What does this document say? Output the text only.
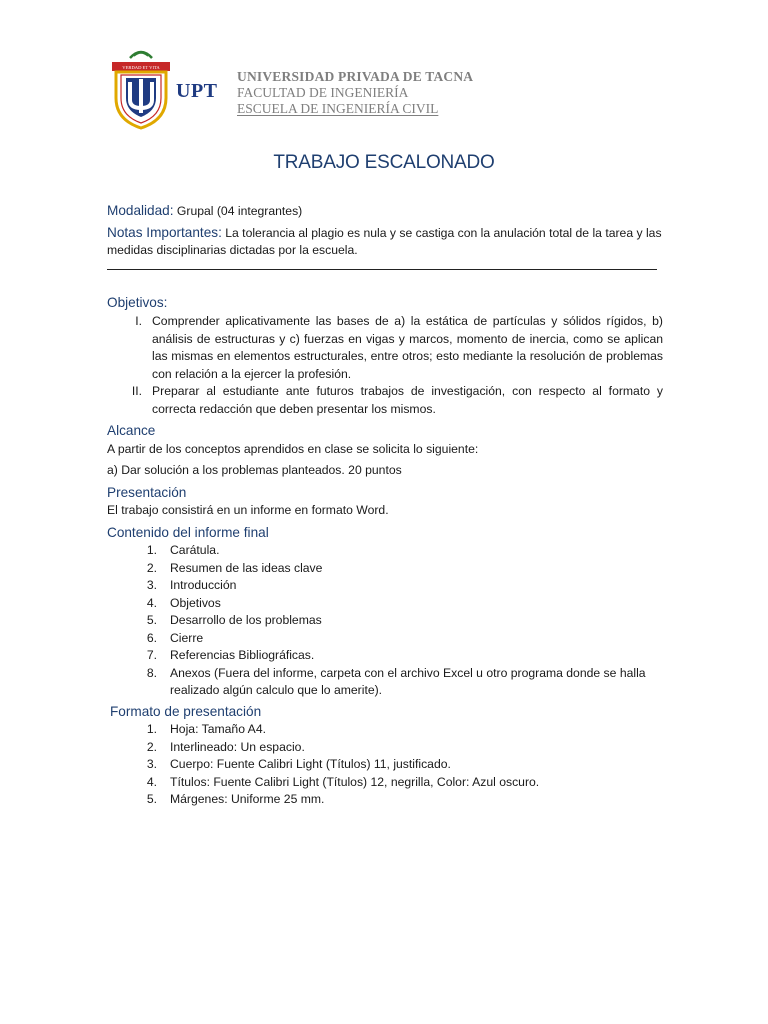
VERDAD ET VITA
UPT
UNIVERSIDAD PRIVADA DE TACNA
FACULTAD DE INGENIERÍA
ESCUELA DE INGENIERÍA CIVIL
TRABAJO ESCALONADO

Modalidad: Grupal (04 integrantes)

Notas Importantes: La tolerancia al plagio es nula y se castiga con la anulación total de la tarea y las medidas disciplinarias dictadas por la escuela.

Objetivos:
I. Comprender aplicativamente las bases de a) la estática de partículas y sólidos rígidos, b) análisis de estructuras y c) fuerzas en vigas y marcos, momento de inercia, como se aplican las mismas en elementos estructurales, entre otros; esto mediante la resolución de problemas con relación a la ejercer la profesión.
II. Preparar al estudiante ante futuros trabajos de investigación, con respecto al formato y correcta redacción que deben presentar los mismos.
Alcance

A partir de los conceptos aprendidos en clase se solicita lo siguiente:

a) Dar solución a los problemas planteados. 20 puntos

Presentación

El trabajo consistirá en un informe en formato Word.

Contenido del informe final
1. Carátula.
2. Resumen de las ideas clave
3. Introducción
4. Objetivos
5. Desarrollo de los problemas
6. Cierre
7. Referencias Bibliográficas.
8. Anexos (Fuera del informe, carpeta con el archivo Excel u otro programa donde se halla realizado algún calculo que lo amerite).
Formato de presentación
1. Hoja: Tamaño A4.
2. Interlineado: Un espacio.
3. Cuerpo: Fuente Calibri Light (Títulos) 11, justificado.
4. Títulos: Fuente Calibri Light (Títulos) 12, negrilla, Color: Azul oscuro.
5. Márgenes: Uniforme 25 mm.
